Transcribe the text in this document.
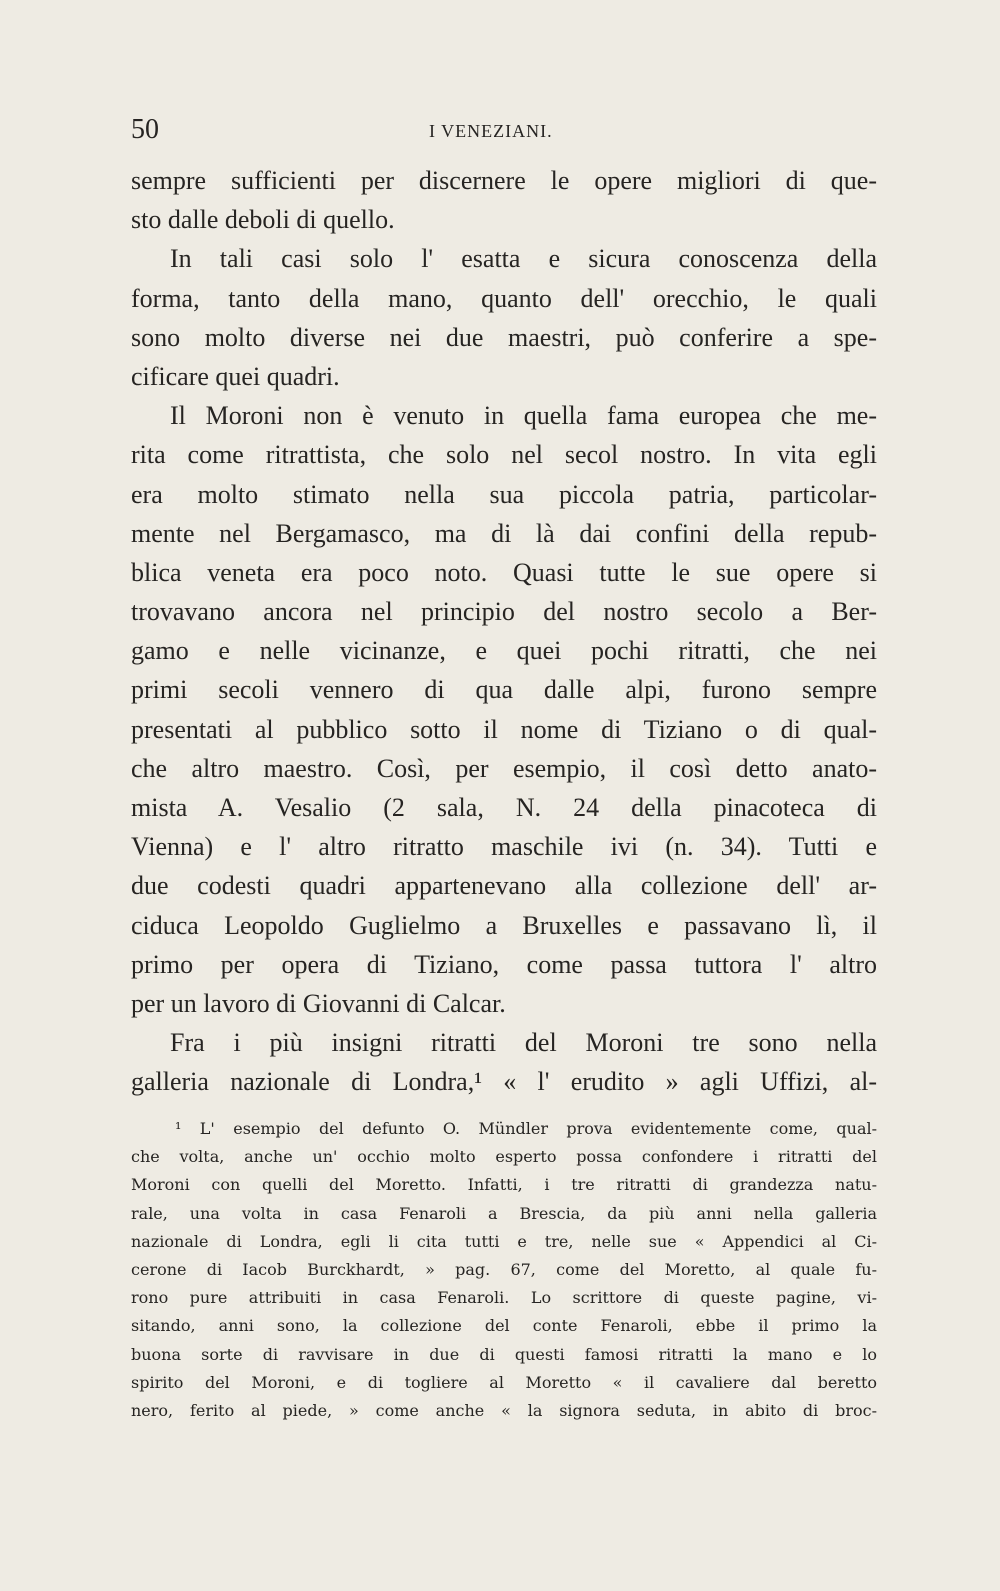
50	I VENEZIANI.
sempre sufficienti per discernere le opere migliori di que-
sto dalle deboli di quello.
In tali casi solo l' esatta e sicura conoscenza della
forma, tanto della mano, quanto dell' orecchio, le quali
sono molto diverse nei due maestri, può conferire a spe-
cificare quei quadri.
Il Moroni non è venuto in quella fama europea che me-
rita come ritrattista, che solo nel secol nostro. In vita egli
era molto stimato nella sua piccola patria, particolar-
mente nel Bergamasco, ma di là dai confini della repub-
blica veneta era poco noto. Quasi tutte le sue opere si
trovavano ancora nel principio del nostro secolo a Ber-
gamo e nelle vicinanze, e quei pochi ritratti, che nei
primi secoli vennero di qua dalle alpi, furono sempre
presentati al pubblico sotto il nome di Tiziano o di qual-
che altro maestro. Così, per esempio, il così detto anato-
mista A. Vesalio (2 sala, N. 24 della pinacoteca di
Vienna) e l' altro ritratto maschile ivi (n. 34). Tutti e
due codesti quadri appartenevano alla collezione dell' ar-
ciduca Leopoldo Guglielmo a Bruxelles e passavano lì, il
primo per opera di Tiziano, come passa tuttora l' altro
per un lavoro di Giovanni di Calcar.
Fra i più insigni ritratti del Moroni tre sono nella
galleria nazionale di Londra,¹ « l' erudito » agli Uffizi, al-
¹ L' esempio del defunto O. Mündler prova evidentemente come, qual-
che volta, anche un' occhio molto esperto possa confondere i ritratti del
Moroni con quelli del Moretto. Infatti, i tre ritratti di grandezza natu-
rale, una volta in casa Fenaroli a Brescia, da più anni nella galleria
nazionale di Londra, egli li cita tutti e tre, nelle sue « Appendici al Ci-
cerone di Iacob Burckhardt, » pag. 67, come del Moretto, al quale fu-
rono pure attribuiti in casa Fenaroli. Lo scrittore di queste pagine, vi-
sitando, anni sono, la collezione del conte Fenaroli, ebbe il primo la
buona sorte di ravvisare in due di questi famosi ritratti la mano e lo
spirito del Moroni, e di togliere al Moretto « il cavaliere dal beretto
nero, ferito al piede, » come anche « la signora seduta, in abito di broc-
